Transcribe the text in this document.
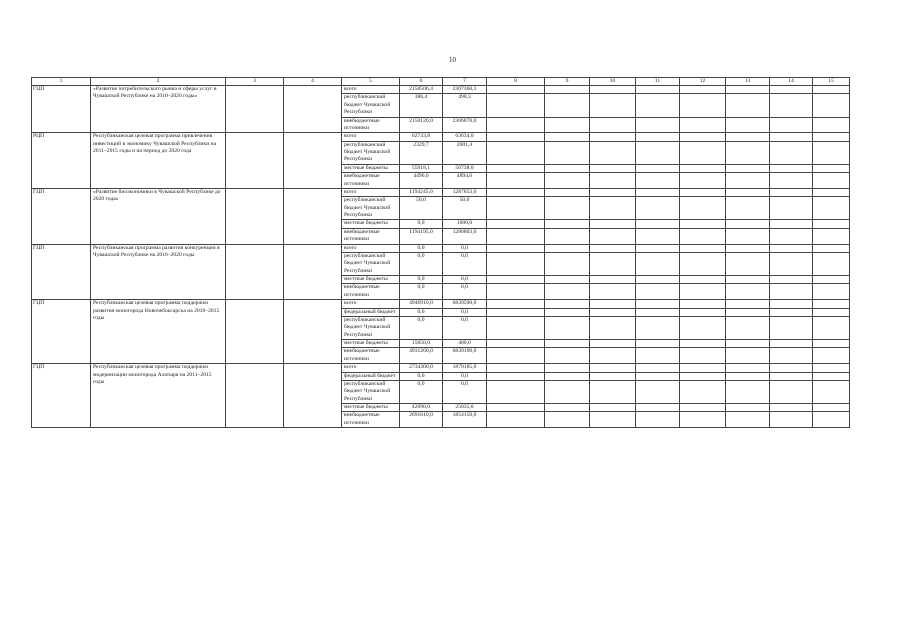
10
1	2	3	4	5	6	7	8	9	10	11	12	13	14	15
ГЦП	«Развитие потребительского рынка и сферы услуг в Чувашской Республике на 2010–2020 годы»			всего	2150506,4	2307360,3								
				республиканский бюджет Чувашской Республики	386,4	490,3								
				внебюджетные источники	2150120,0	2306870,0								
РЦП	Республиканская целевая программа привлечения инвестиций в экономику Чувашской Республики на 2011–2015 годы и на период до 2020 года			всего	62743,8	63634,0								
				республиканский бюджет Чувашской Республики	2329,7	2001,4								
				местные бюджеты	55918,1	56738,0								
				внебюджетные источники	4496,0	4894,6								
ГЦП	«Развитие биоэкономики в Чувашской Республике до 2020 года»			всего	1194245,0	1287853,0								
				республиканский бюджет Чувашской Республики	50,0	50,0								
				местные бюджеты	0,0	1000,0								
				внебюджетные источники	1194195,0	1286803,0								
ГЦП	Республиканская программа развития конкуренции в Чувашской Республике на 2016–2020 годы			всего	0,0	0,0								
				республиканский бюджет Чувашской Республики	0,0	0,0								
				местные бюджеты	0,0	0,0								
				внебюджетные источники	0,0	0,0								
ГЦП	Республиканская целевая программа поддержки развития моногорода Новочебоксарска на 2010–2015 годы			всего	4946910,0	6839590,0								
				федеральный бюджет	0,0	0,0								
				республиканский бюджет Чувашской Республики	0,0	0,0								
				местные бюджеты	15650,0	400,0								
				внебюджетные источники	4931260,0	6839190,0								
ГЦП	Республиканская целевая программа поддержки модернизации моногорода Алатыря на 2011–2015 годы			всего	2734300,0	1879185,0								
				федеральный бюджет	0,0	0,0								
				республиканский бюджет Чувашской Республики	0,0	0,0								
				местные бюджеты	42690,0	25035,0								
				внебюджетные источники	2691610,0	1854150,0								
